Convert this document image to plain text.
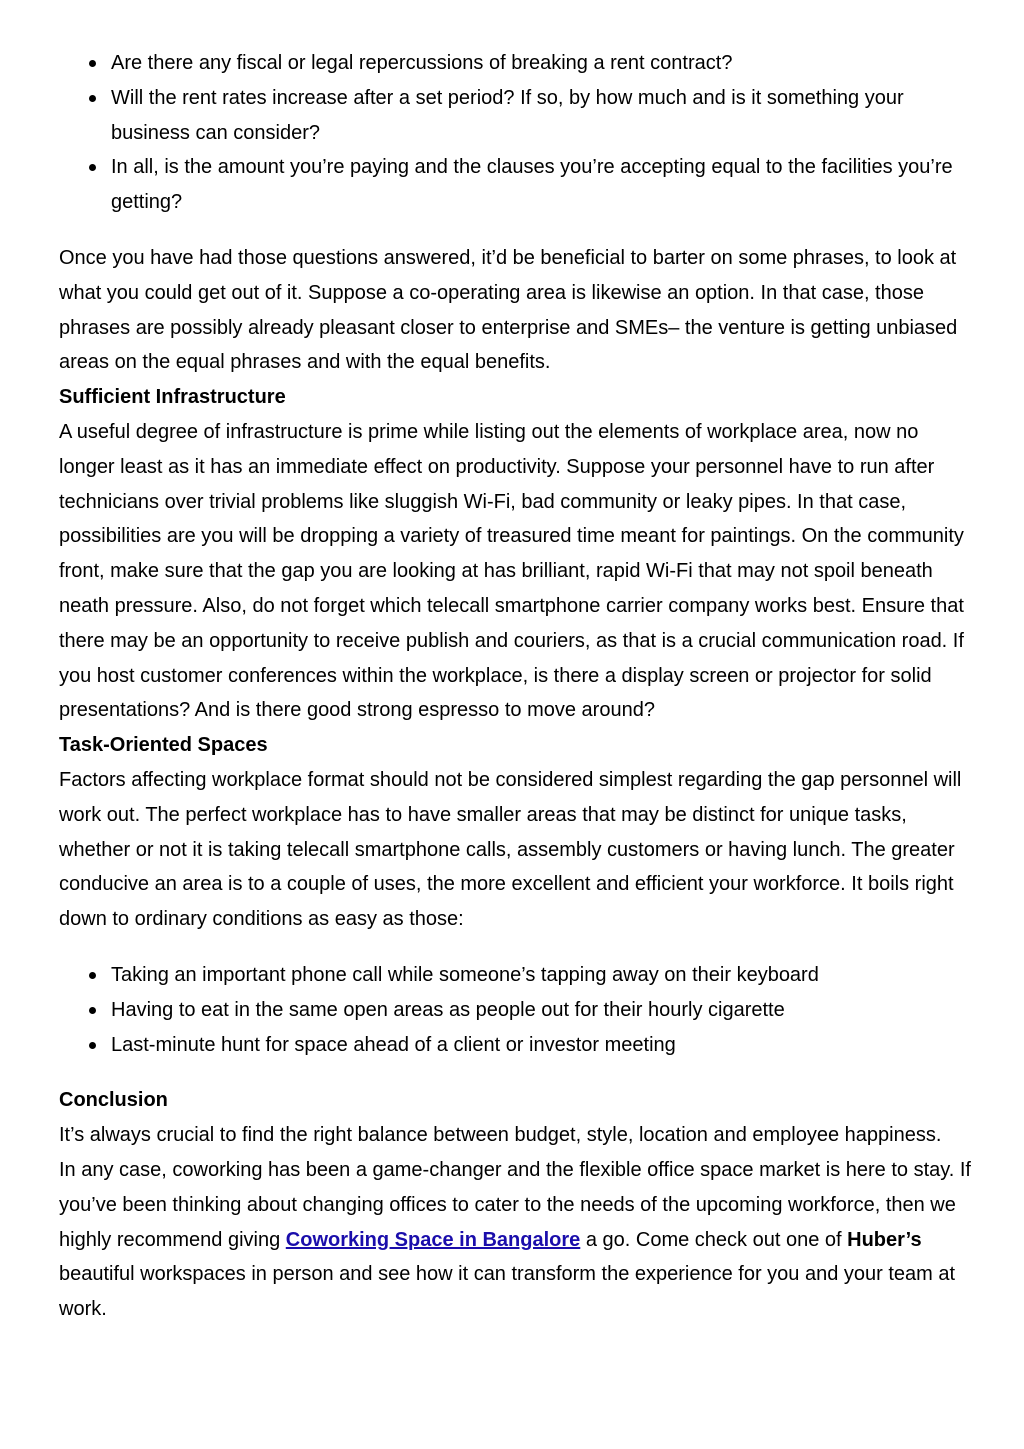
Are there any fiscal or legal repercussions of breaking a rent contract?
Will the rent rates increase after a set period? If so, by how much and is it something your business can consider?
In all, is the amount you’re paying and the clauses you’re accepting equal to the facilities you’re getting?

Once you have had those questions answered, it’d be beneficial to barter on some phrases, to look at what you could get out of it. Suppose a co-operating area is likewise an option. In that case, those phrases are possibly already pleasant closer to enterprise and SMEs– the venture is getting unbiased areas on the equal phrases and with the equal benefits.

Sufficient Infrastructure

A useful degree of infrastructure is prime while listing out the elements of workplace area, now no longer least as it has an immediate effect on productivity. Suppose your personnel have to run after technicians over trivial problems like sluggish Wi-Fi, bad community or leaky pipes. In that case, possibilities are you will be dropping a variety of treasured time meant for paintings. On the community front, make sure that the gap you are looking at has brilliant, rapid Wi-Fi that may not spoil beneath neath pressure. Also, do not forget which telecall smartphone carrier company works best. Ensure that there may be an opportunity to receive publish and couriers, as that is a crucial communication road. If you host customer conferences within the workplace, is there a display screen or projector for solid presentations? And is there good strong espresso to move around?

Task-Oriented Spaces

Factors affecting workplace format should not be considered simplest regarding the gap personnel will work out. The perfect workplace has to have smaller areas that may be distinct for unique tasks, whether or not it is taking telecall smartphone calls, assembly customers or having lunch. The greater conducive an area is to a couple of uses, the more excellent and efficient your workforce. It boils right down to ordinary conditions as easy as those:

Taking an important phone call while someone’s tapping away on their keyboard
Having to eat in the same open areas as people out for their hourly cigarette
Last-minute hunt for space ahead of a client or investor meeting

Conclusion

It’s always crucial to find the right balance between budget, style, location and employee happiness.

In any case, coworking has been a game-changer and the flexible office space market is here to stay. If you’ve been thinking about changing offices to cater to the needs of the upcoming workforce, then we highly recommend giving Coworking Space in Bangalore a go. Come check out one of Huber’s beautiful workspaces in person and see how it can transform the experience for you and your team at work.
